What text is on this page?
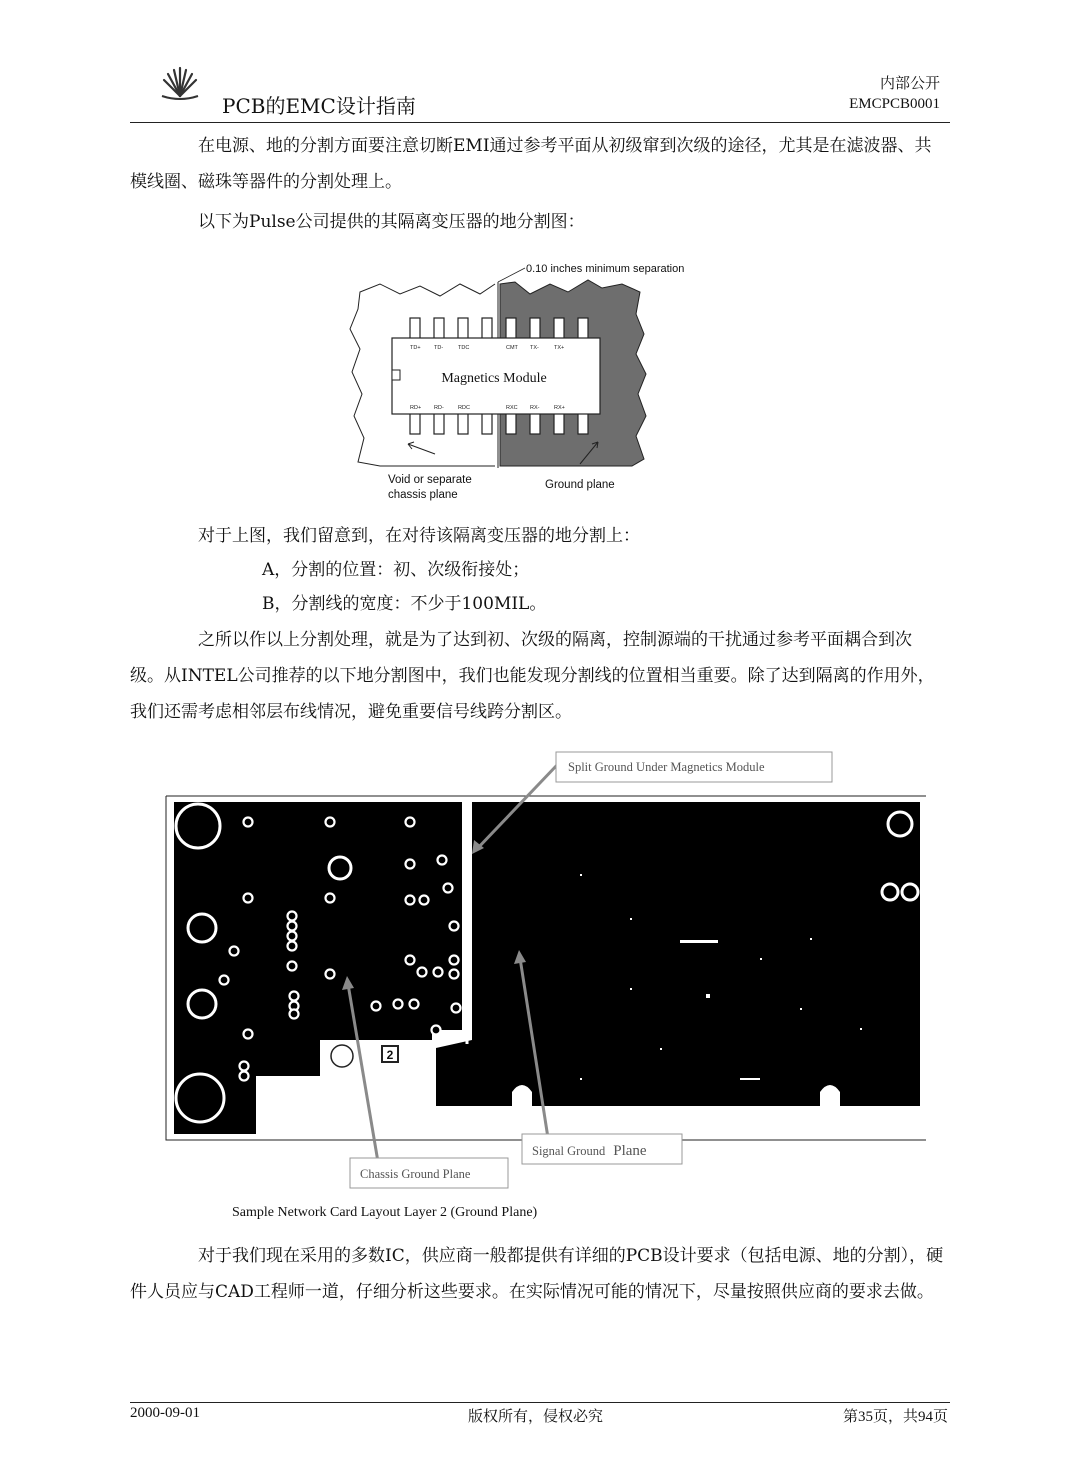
PCB的EMC设计指南
内部公开
EMCPCB0001

在电源、地的分割方面要注意切断EMI通过参考平面从初级窜到次级的途径，尤其是在滤波器、共模线圈、磁珠等器件的分割处理上。

以下为Pulse公司提供的其隔离变压器的地分割图：

0.10 inches minimum separation
Magnetics Module
TD+ TD-	TDC	CMT TX-	TX+
RD+ RD-	RDC	RXC RX-	RX+
Void or separate
chassis plane
Ground plane

对于上图，我们留意到，在对待该隔离变压器的地分割上：

A，分割的位置：初、次级衔接处；
B，分割线的宽度：不少于100MIL。

之所以作以上分割处理，就是为了达到初、次级的隔离，控制源端的干扰通过参考平面耦合到次级。从INTEL公司推荐的以下地分割图中，我们也能发现分割线的位置相当重要。除了达到隔离的作用外，我们还需考虑相邻层布线情况，避免重要信号线跨分割区。

2
Split Ground Under Magnetics Module
Chassis Ground Plane
Signal Ground Plane
Sample Network Card Layout Layer 2 (Ground Plane)

对于我们现在采用的多数IC，供应商一般都提供有详细的PCB设计要求（包括电源、地的分割），硬件人员应与CAD工程师一道，仔细分析这些要求。在实际情况可能的情况下，尽量按照供应商的要求去做。

2000-09-01	版权所有，侵权必究	第35页，共94页
